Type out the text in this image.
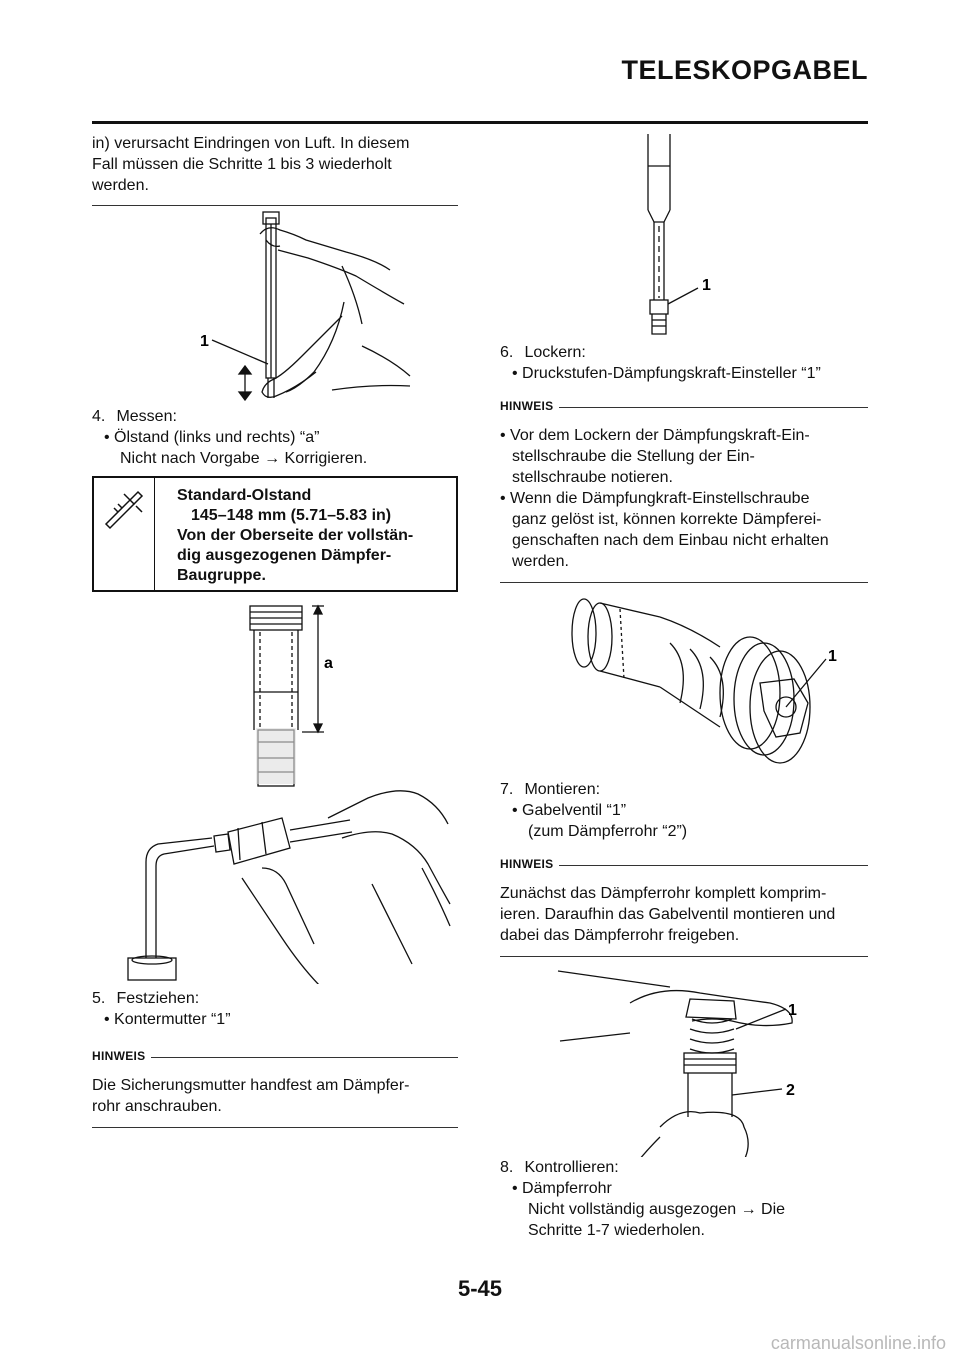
TELESKOPGABEL

in) verursacht Eindringen von Luft. In diesem

Fall müssen die Schritte 1 bis 3 wiederholt

werden.

1

4. Messen:

• Ölstand (links und rechts) “a”

Nicht nach Vorgabe → Korrigieren.

Standard-Olstand

145–148 mm (5.71–5.83 in)

Von der Oberseite der vollstän-

dig ausgezogenen Dämpfer-

Baugruppe.

a

5. Festziehen:

• Kontermutter “1”

HINWEIS

Die Sicherungsmutter handfest am Dämpfer-

rohr anschrauben.

1

6. Lockern:

• Druckstufen-Dämpfungskraft-Einsteller “1”

HINWEIS

• Vor dem Lockern der Dämpfungskraft-Ein-

stellschraube die Stellung der Ein-

stellschraube notieren.

• Wenn die Dämpfungkraft-Einstellschraube

ganz gelöst ist, können korrekte Dämpferei-

genschaften nach dem Einbau nicht erhalten

werden.

1

7. Montieren:

• Gabelventil “1”

(zum Dämpferrohr “2”)

HINWEIS

Zunächst das Dämpferrohr komplett komprim-

ieren. Daraufhin das Gabelventil montieren und

dabei das Dämpferrohr freigeben.

1
2

8. Kontrollieren:

• Dämpferrohr

Nicht vollständig ausgezogen → Die

Schritte 1-7 wiederholen.

5-45
carmanualsonline.info
